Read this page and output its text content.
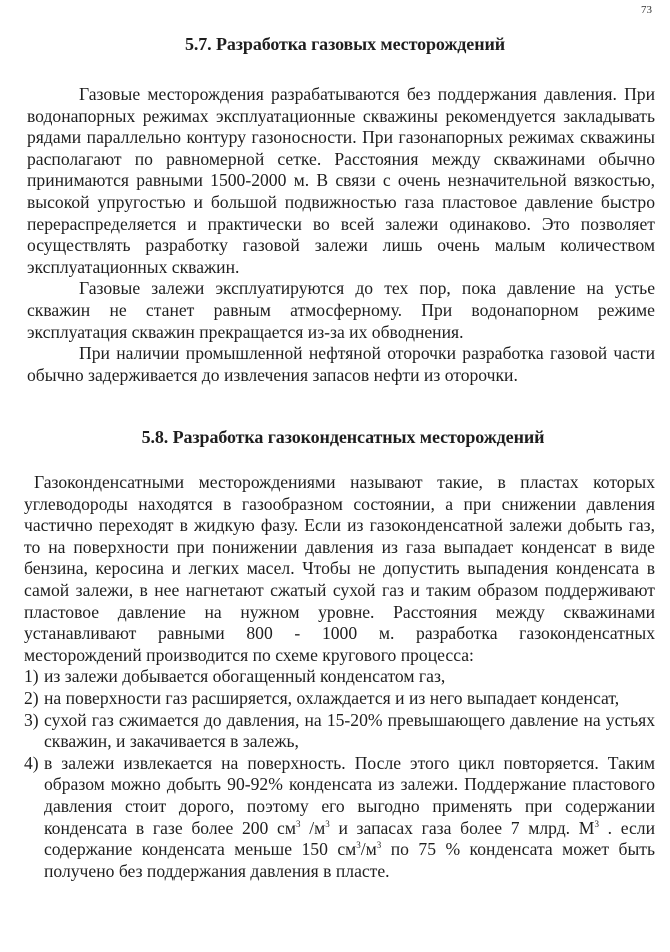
73
5.7. Разработка газовых месторождений

Газовые месторождения разрабатываются без поддержания давления. При водонапорных режимах эксплуатационные скважины рекомендуется закладывать рядами параллельно контуру газоносности. При газонапорных режимах скважины располагают по равномерной сетке. Расстояния между скважинами обычно принимаются равными 1500-2000 м. В связи с очень незначительной вязкостью, высокой упругостью и большой подвижностью газа пластовое давление быстро перераспределяется и практически во всей залежи одинаково. Это позволяет осуществлять разработку газовой залежи лишь очень малым количеством эксплуатационных скважин.

Газовые залежи эксплуатируются до тех пор, пока давление на устье скважин не станет равным атмосферному. При водонапорном режиме эксплуатация скважин прекращается из-за их обводнения.

При наличии промышленной нефтяной оторочки разработка газовой части обычно задерживается до извлечения запасов нефти из оторочки.

5.8. Разработка газоконденсатных месторождений

Газоконденсатными месторождениями называют такие, в пластах которых углеводороды находятся в газообразном состоянии, а при снижении давления частично переходят в жидкую фазу. Если из газоконденсатной залежи добыть газ, то на поверхности при понижении давления из газа выпадает конденсат в виде бензина, керосина и легких масел. Чтобы не допустить выпадения конденсата в самой залежи, в нее нагнетают сжатый сухой газ и таким образом поддерживают пластовое давление на нужном уровне. Расстояния между скважинами устанавливают равными 800 - 1000 м. разработка газоконденсатных месторождений производится по схеме кругового процесса:

1) из залежи добывается обогащенный конденсатом газ,
2) на поверхности газ расширяется, охлаждается и из него выпадает конденсат,
3) сухой газ сжимается до давления, на 15-20% превышающего давление на устьях скважин, и закачивается в залежь,
4) в залежи извлекается на поверхность. После этого цикл повторяется. Таким образом можно добыть 90-92% конденсата из залежи. Поддержание пластового давления стоит дорого, поэтому его выгодно применять при содержании конденсата в газе более 200 $см^3$ $/м^3$ и запасах газа более 7 млрд. $М^3$ . если содержание конденсата меньше 150 $см^3/м^3$ по 75 % конденсата может быть получено без поддержания давления в пласте.
